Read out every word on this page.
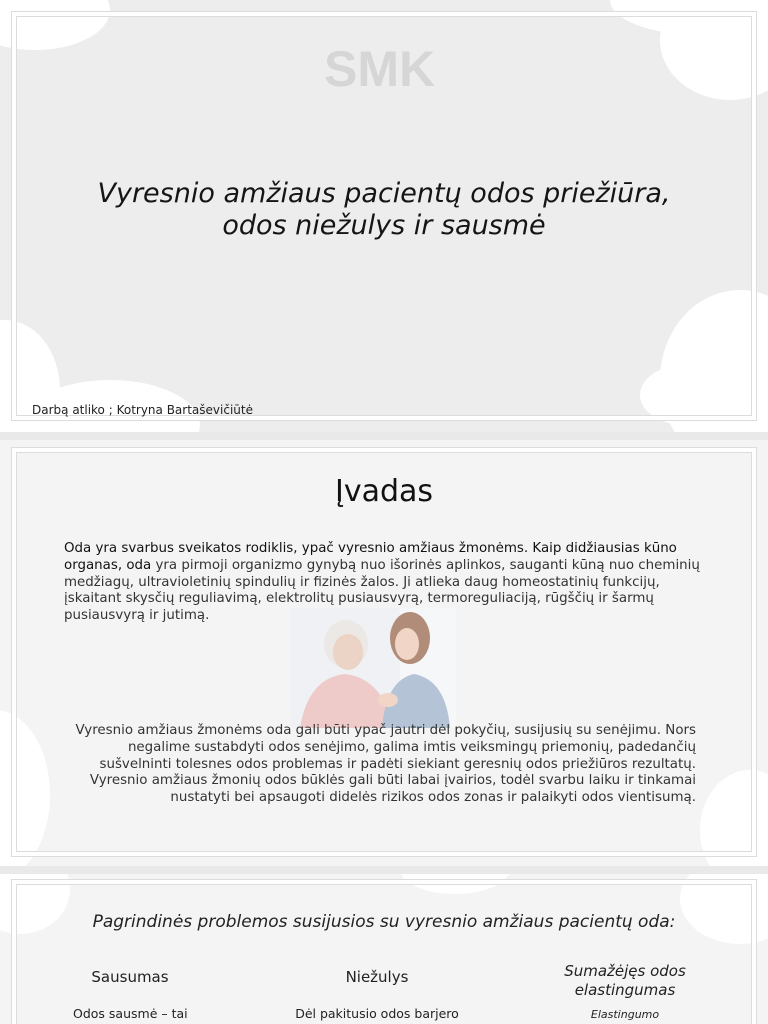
SMK
Vyresnio amžiaus pacientų odos priežiūra,
odos niežulys ir sausmė
Darbą atliko ; Kotryna Bartaševičiūtė
Įvadas
Oda yra svarbus sveikatos rodiklis, ypač vyresnio amžiaus žmonėms. Kaip didžiausias kūno organas, oda yra pirmoji organizmo gynybą nuo išorinės aplinkos, sauganti kūną nuo cheminių medžiagų, ultravioletinių spindulių ir fizinės žalos. Ji atlieka daug homeostatinių funkcijų, įskaitant skysčių reguliavimą, elektrolitų pusiausvyrą, termoreguliaciją, rūgščių ir šarmų pusiausvyrą ir jutimą.
Vyresnio amžiaus žmonėms oda gali būti ypač jautri dėl pokyčių, susijusių su senėjimu. Nors negalime sustabdyti odos senėjimo, galima imtis veiksmingų priemonių, padedančių sušvelninti tolesnes odos problemas ir padėti siekiant geresnių odos priežiūros rezultatų. Vyresnio amžiaus žmonių odos būklės gali būti labai įvairios, todėl svarbu laiku ir tinkamai nustatyti bei apsaugoti didelės rizikos odos zonas ir palaikyti odos vientisumą.
Pagrindinės problemos susijusios su vyresnio amžiaus pacientų oda:
Sausumas
Odos sausmė – tai
Niežulys
Dėl pakitusio odos barjero
Sumažėjęs odos elastingumas
Elastingumo
